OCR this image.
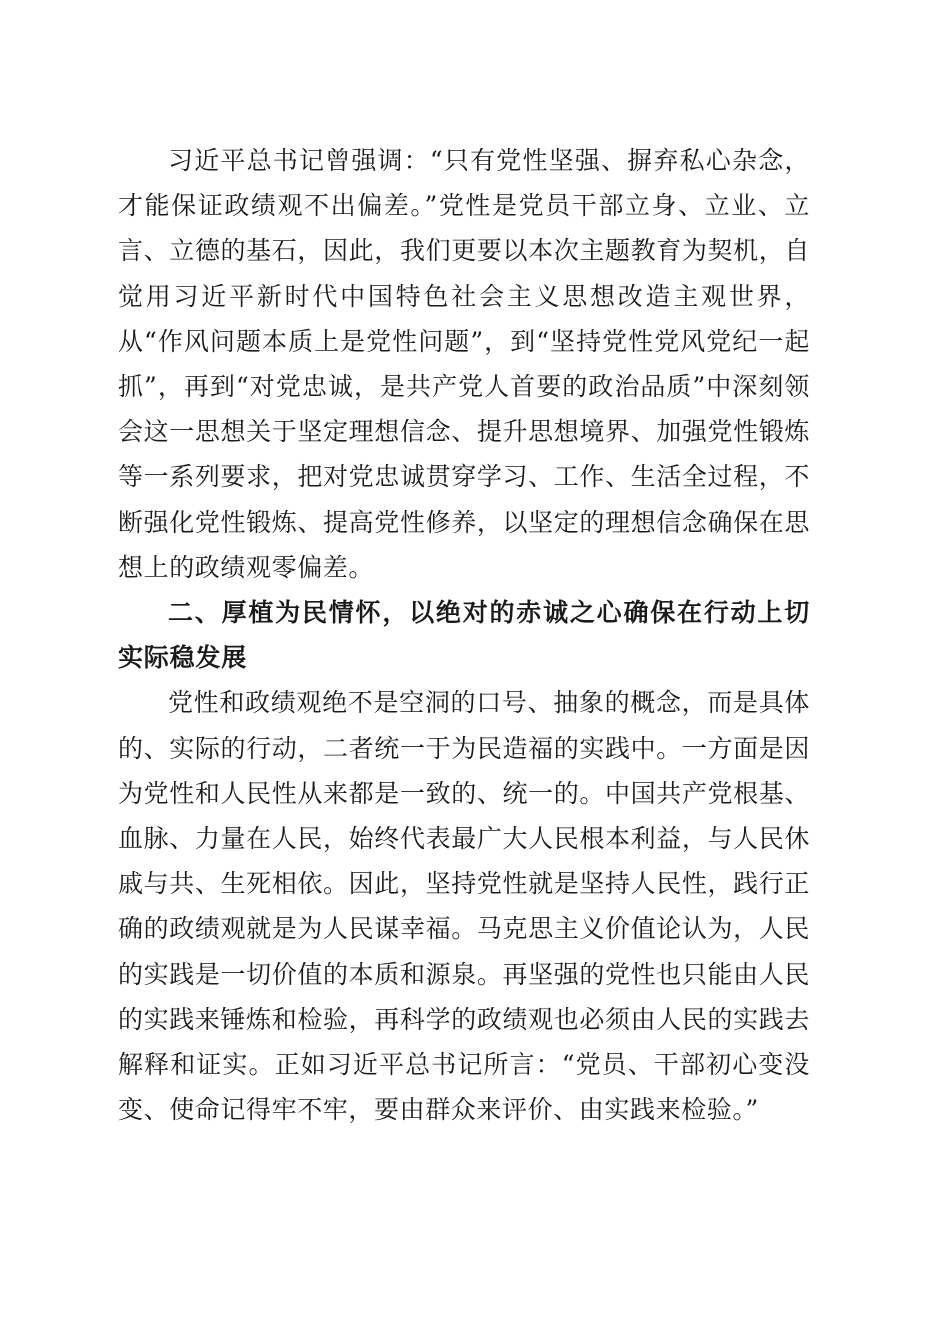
习近平总书记曾强调：“只有党性坚强、摒弃私心杂念，才能保证政绩观不出偏差。”党性是党员干部立身、立业、立言、立德的基石，因此，我们更要以本次主题教育为契机，自觉用习近平新时代中国特色社会主义思想改造主观世界，从“作风问题本质上是党性问题”，到“坚持党性党风党纪一起抓”，再到“对党忠诚，是共产党人首要的政治品质”中深刻领会这一思想关于坚定理想信念、提升思想境界、加强党性锻炼等一系列要求，把对党忠诚贯穿学习、工作、生活全过程，不断强化党性锻炼、提高党性修养，以坚定的理想信念确保在思想上的政绩观零偏差。

二、厚植为民情怀，以绝对的赤诚之心确保在行动上切实际稳发展

党性和政绩观绝不是空洞的口号、抽象的概念，而是具体的、实际的行动，二者统一于为民造福的实践中。一方面是因为党性和人民性从来都是一致的、统一的。中国共产党根基、血脉、力量在人民，始终代表最广大人民根本利益，与人民休戚与共、生死相依。因此，坚持党性就是坚持人民性，践行正确的政绩观就是为人民谋幸福。马克思主义价值论认为，人民的实践是一切价值的本质和源泉。再坚强的党性也只能由人民的实践来锤炼和检验，再科学的政绩观也必须由人民的实践去解释和证实。正如习近平总书记所言：“党员、干部初心变没变、使命记得牢不牢，要由群众来评价、由实践来检验。”
